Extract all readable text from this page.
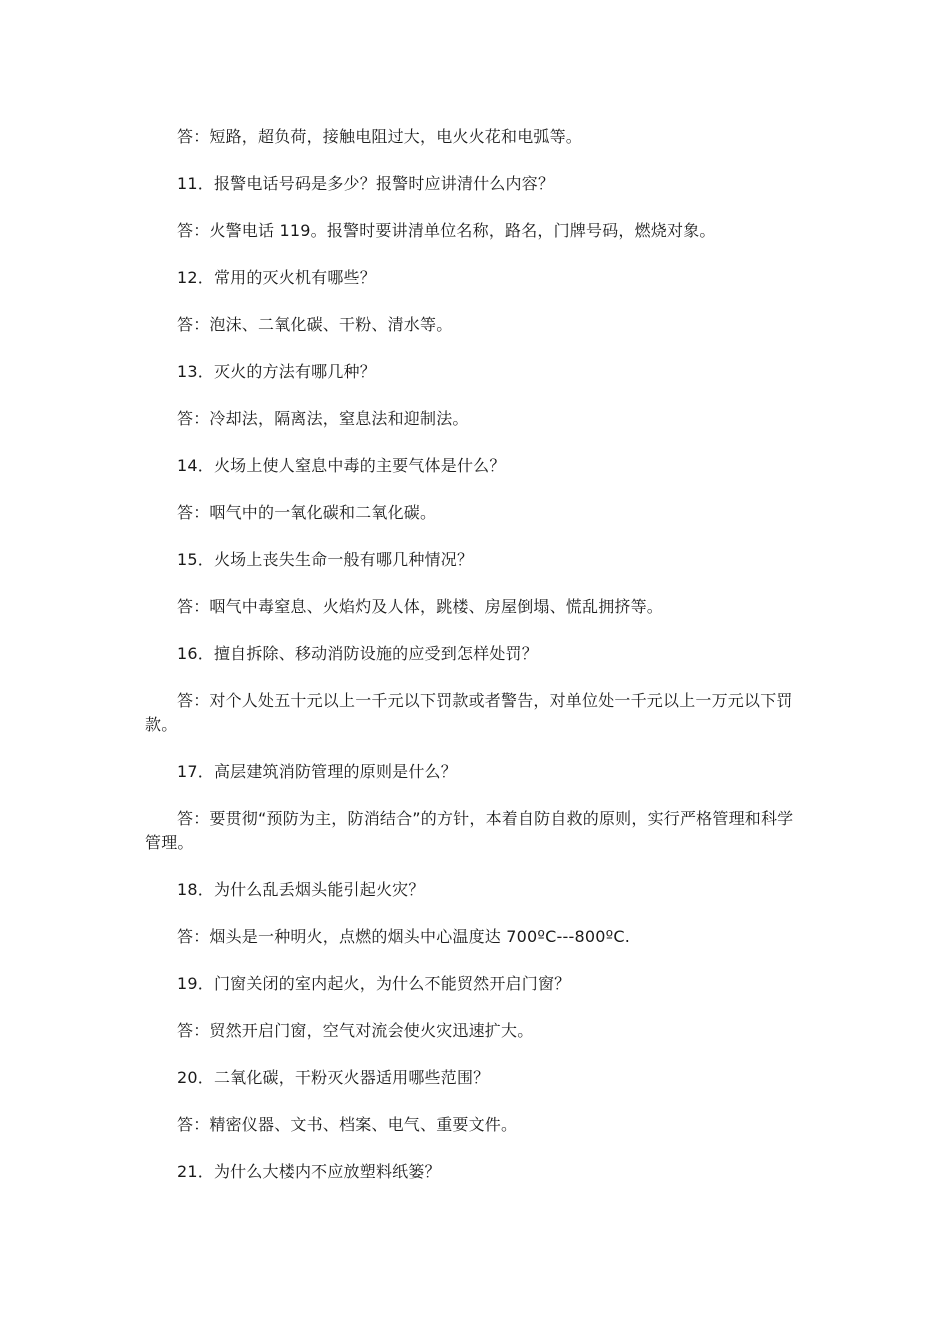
答：短路，超负荷，接触电阻过大，电火火花和电弧等。

11．报警电话号码是多少？报警时应讲清什么内容？

答：火警电话 119。报警时要讲清单位名称，路名，门牌号码，燃烧对象。

12．常用的灭火机有哪些？

答：泡沫、二氧化碳、干粉、清水等。

13．灭火的方法有哪几种？

答：冷却法，隔离法，窒息法和迎制法。

14．火场上使人窒息中毒的主要气体是什么？

答：咽气中的一氧化碳和二氧化碳。

15．火场上丧失生命一般有哪几种情况？

答：咽气中毒窒息、火焰灼及人体，跳楼、房屋倒塌、慌乱拥挤等。

16．擅自拆除、移动消防设施的应受到怎样处罚？

答：对个人处五十元以上一千元以下罚款或者警告，对单位处一千元以上一万元以下罚款。

17．高层建筑消防管理的原则是什么？

答：要贯彻“预防为主，防消结合”的方针，本着自防自救的原则，实行严格管理和科学管理。

18．为什么乱丢烟头能引起火灾？

答：烟头是一种明火，点燃的烟头中心温度达 700ºC---800ºC.

19．门窗关闭的室内起火，为什么不能贸然开启门窗？

答：贸然开启门窗，空气对流会使火灾迅速扩大。

20．二氧化碳，干粉灭火器适用哪些范围？

答：精密仪器、文书、档案、电气、重要文件。

21．为什么大楼内不应放塑料纸篓？
